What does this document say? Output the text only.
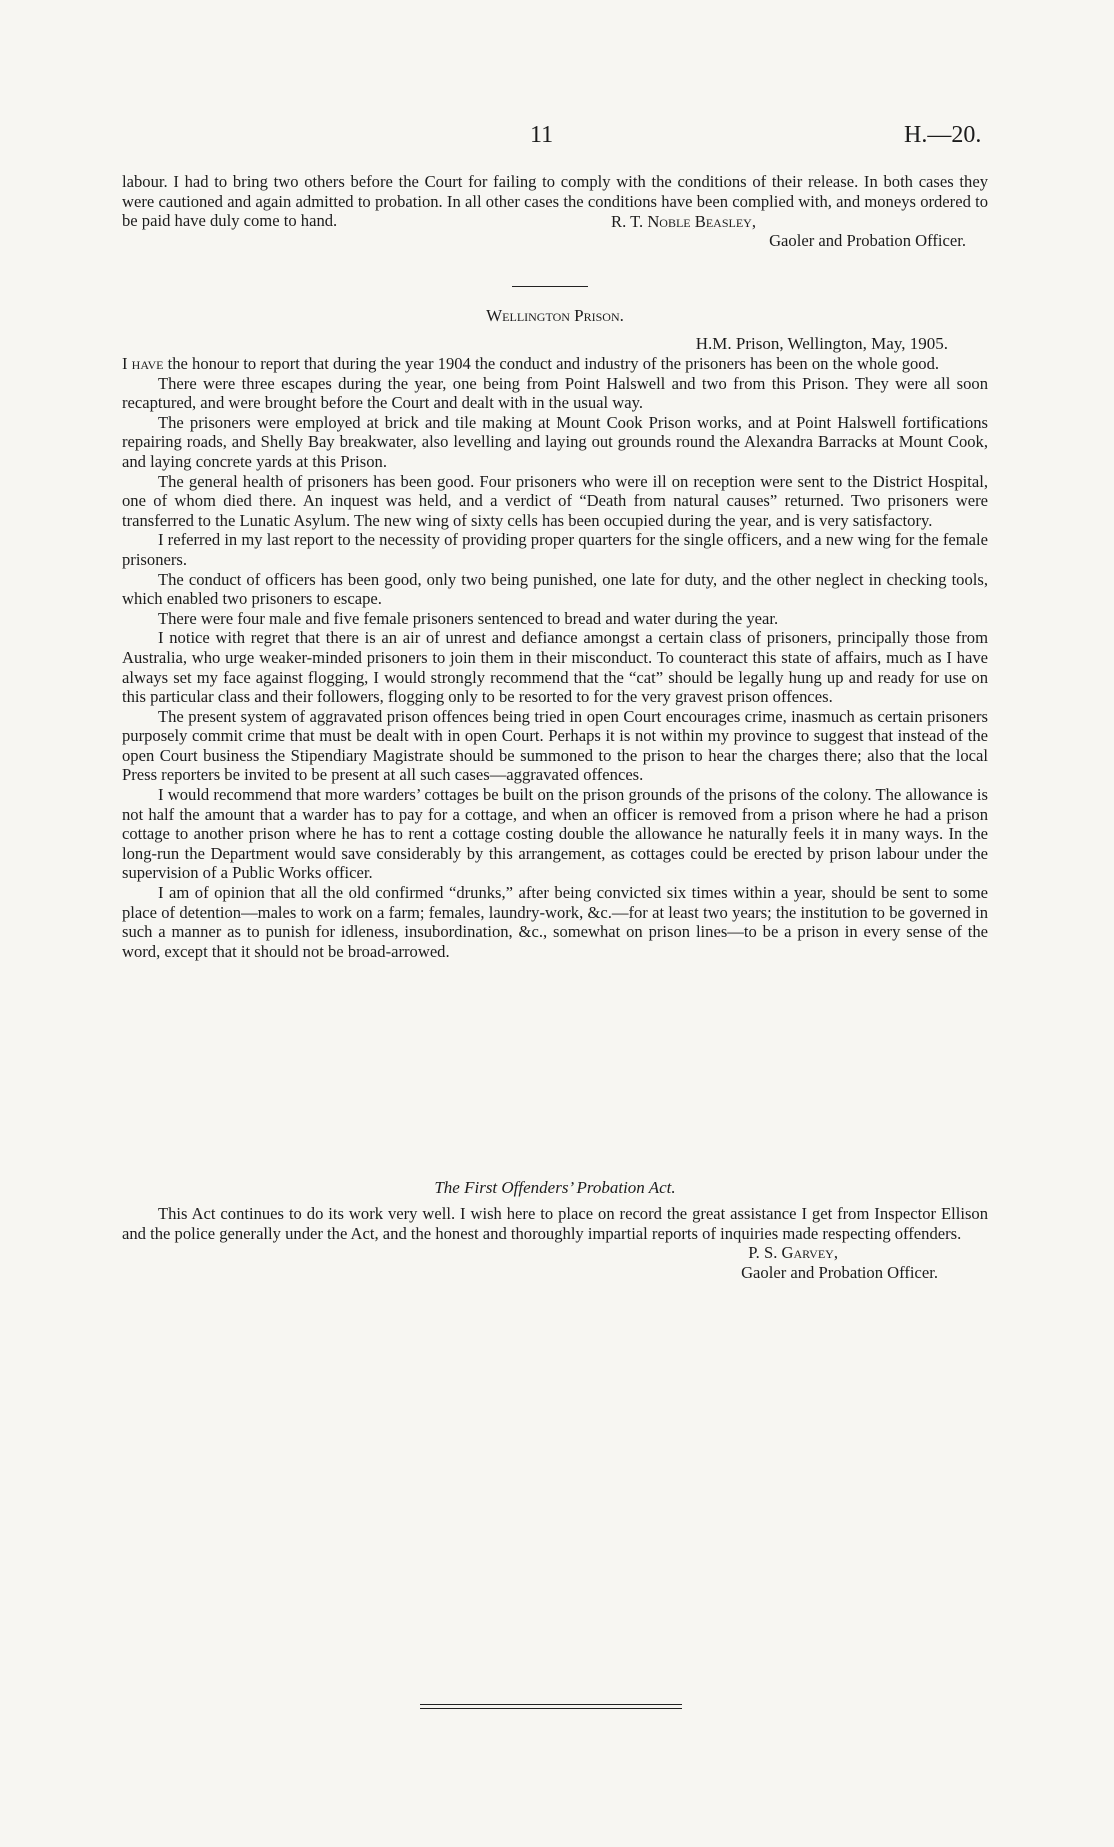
11	H.—20.

labour. I had to bring two others before the Court for failing to comply with the conditions of their release. In both cases they were cautioned and again admitted to probation. In all other cases the conditions have been complied with, and moneys ordered to be paid have duly come to hand.	R. T. Noble Beasley,

Gaoler and Probation Officer.

Wellington Prison.

H.M. Prison, Wellington, May, 1905.

I have the honour to report that during the year 1904 the conduct and industry of the prisoners has been on the whole good.

There were three escapes during the year, one being from Point Halswell and two from this Prison. They were all soon recaptured, and were brought before the Court and dealt with in the usual way.

The prisoners were employed at brick and tile making at Mount Cook Prison works, and at Point Halswell fortifications repairing roads, and Shelly Bay breakwater, also levelling and laying out grounds round the Alexandra Barracks at Mount Cook, and laying concrete yards at this Prison.

The general health of prisoners has been good. Four prisoners who were ill on reception were sent to the District Hospital, one of whom died there. An inquest was held, and a verdict of “Death from natural causes” returned. Two prisoners were transferred to the Lunatic Asylum. The new wing of sixty cells has been occupied during the year, and is very satisfactory.

I referred in my last report to the necessity of providing proper quarters for the single officers, and a new wing for the female prisoners.

The conduct of officers has been good, only two being punished, one late for duty, and the other neglect in checking tools, which enabled two prisoners to escape.

There were four male and five female prisoners sentenced to bread and water during the year.

I notice with regret that there is an air of unrest and defiance amongst a certain class of prisoners, principally those from Australia, who urge weaker-minded prisoners to join them in their misconduct. To counteract this state of affairs, much as I have always set my face against flogging, I would strongly recommend that the “cat” should be legally hung up and ready for use on this particular class and their followers, flogging only to be resorted to for the very gravest prison offences.

The present system of aggravated prison offences being tried in open Court encourages crime, inasmuch as certain prisoners purposely commit crime that must be dealt with in open Court. Perhaps it is not within my province to suggest that instead of the open Court business the Stipendiary Magistrate should be summoned to the prison to hear the charges there; also that the local Press reporters be invited to be present at all such cases—aggravated offences.

I would recommend that more warders’ cottages be built on the prison grounds of the prisons of the colony. The allowance is not half the amount that a warder has to pay for a cottage, and when an officer is removed from a prison where he had a prison cottage to another prison where he has to rent a cottage costing double the allowance he naturally feels it in many ways. In the long-run the Department would save considerably by this arrangement, as cottages could be erected by prison labour under the supervision of a Public Works officer.

I am of opinion that all the old confirmed “drunks,” after being convicted six times within a year, should be sent to some place of detention—males to work on a farm; females, laundry-work, &c.—for at least two years; the institution to be governed in such a manner as to punish for idleness, insubordination, &c., somewhat on prison lines—to be a prison in every sense of the word, except that it should not be broad-arrowed.

The First Offenders’ Probation Act.

This Act continues to do its work very well. I wish here to place on record the great assistance I get from Inspector Ellison and the police generally under the Act, and the honest and thoroughly impartial reports of inquiries made respecting offenders.

P. S. Garvey,

Gaoler and Probation Officer.
